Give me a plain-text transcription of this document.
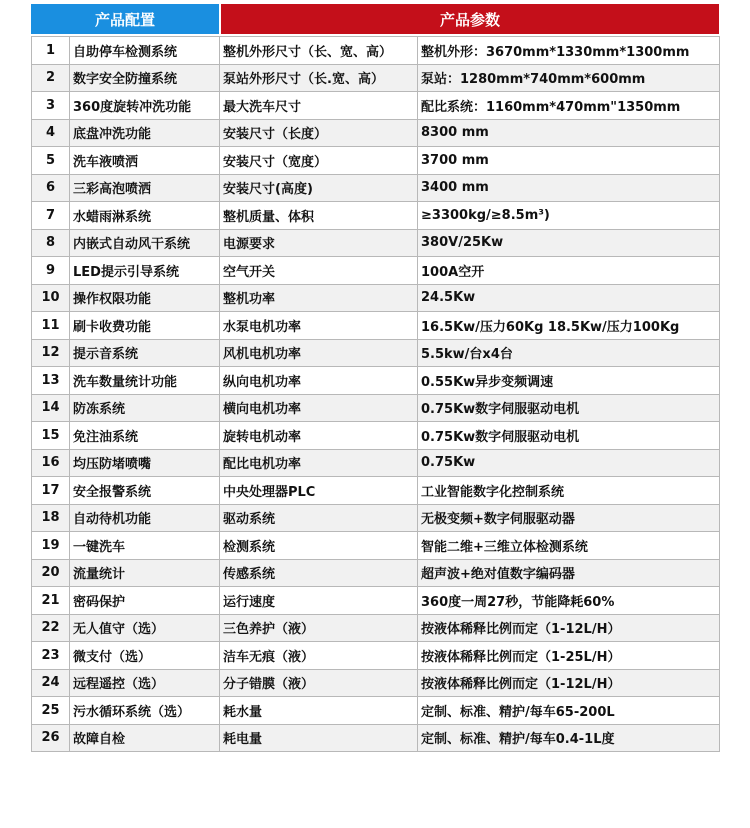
产品配置	产品参数
1	自助停车检测系统	整机外形尺寸（长、宽、高）	整机外形：3670mm*1330mm*1300mm
2	数字安全防撞系统	泵站外形尺寸（长.宽、高）	泵站：1280mm*740mm*600mm
3	360度旋转冲洗功能	最大洗车尺寸	配比系统：1160mm*470mm"1350mm
4	底盘冲洗功能	安装尺寸（长度）	8300 mm
5	洗车液喷洒	安装尺寸（宽度）	3700 mm
6	三彩高泡喷洒	安装尺寸(高度)	3400 mm
7	水蜡雨淋系统	整机质量、体积	≥3300kg/≥8.5m³)
8	内嵌式自动风干系统	电源要求	380V/25Kw
9	LED提示引导系统	空气开关	100A空开
10	操作权限功能	整机功率	24.5Kw
11	刷卡收费功能	水泵电机功率	16.5Kw/压力60Kg 18.5Kw/压力100Kg
12	提示音系统	风机电机功率	5.5kw/台x4台
13	洗车数量统计功能	纵向电机功率	0.55Kw异步变频调速
14	防冻系统	横向电机功率	0.75Kw数字伺服驱动电机
15	免注油系统	旋转电机动率	0.75Kw数字伺服驱动电机
16	均压防堵喷嘴	配比电机功率	0.75Kw
17	安全报警系统	中央处理器PLC	工业智能数字化控制系统
18	自动待机功能	驱动系统	无极变频+数字伺服驱动器
19	一键洗车	检测系统	智能二维+三维立体检测系统
20	流量统计	传感系统	超声波+绝对值数字编码器
21	密码保护	运行速度	360度一周27秒，节能降耗60%
22	无人值守（选）	三色养护（液）	按液体稀释比例而定（1-12L/H）
23	微支付（选）	洁车无痕（液）	按液体稀释比例而定（1-25L/H）
24	远程遥控（选）	分子错膜（液）	按液体稀释比例而定（1-12L/H）
25	污水循环系统（选）	耗水量	定制、标准、精护/每车65-200L
26	故障自检	耗电量	定制、标准、精护/每车0.4-1L度
